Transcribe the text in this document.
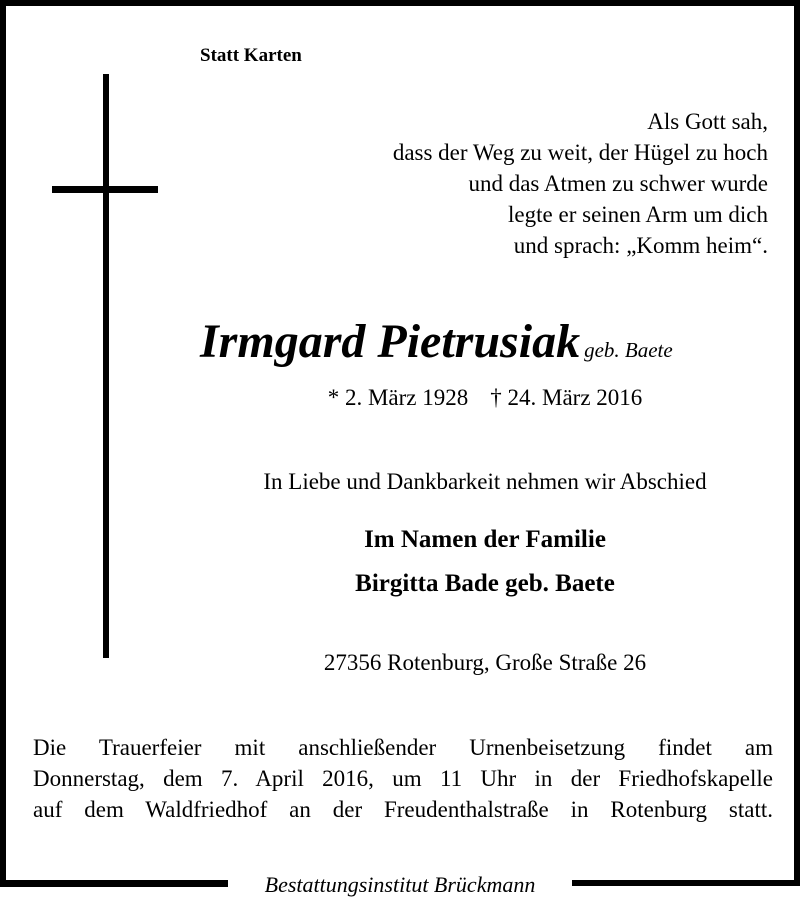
Statt Karten
Als Gott sah,
dass der Weg zu weit, der Hügel zu hoch
und das Atmen zu schwer wurde
legte er seinen Arm um dich
und sprach: „Komm heim“.
Irmgard Pietrusiak geb. Baete
* 2. März 1928 † 24. März 2016
In Liebe und Dankbarkeit nehmen wir Abschied
Im Namen der Familie
Birgitta Bade geb. Baete
27356 Rotenburg, Große Straße 26
Die Trauerfeier mit anschließender Urnenbeisetzung findet am
Donnerstag, dem 7. April 2016, um 11 Uhr in der Friedhofskapelle
auf dem Waldfriedhof an der Freudenthalstraße in Rotenburg statt.
Bestattungsinstitut Brückmann
